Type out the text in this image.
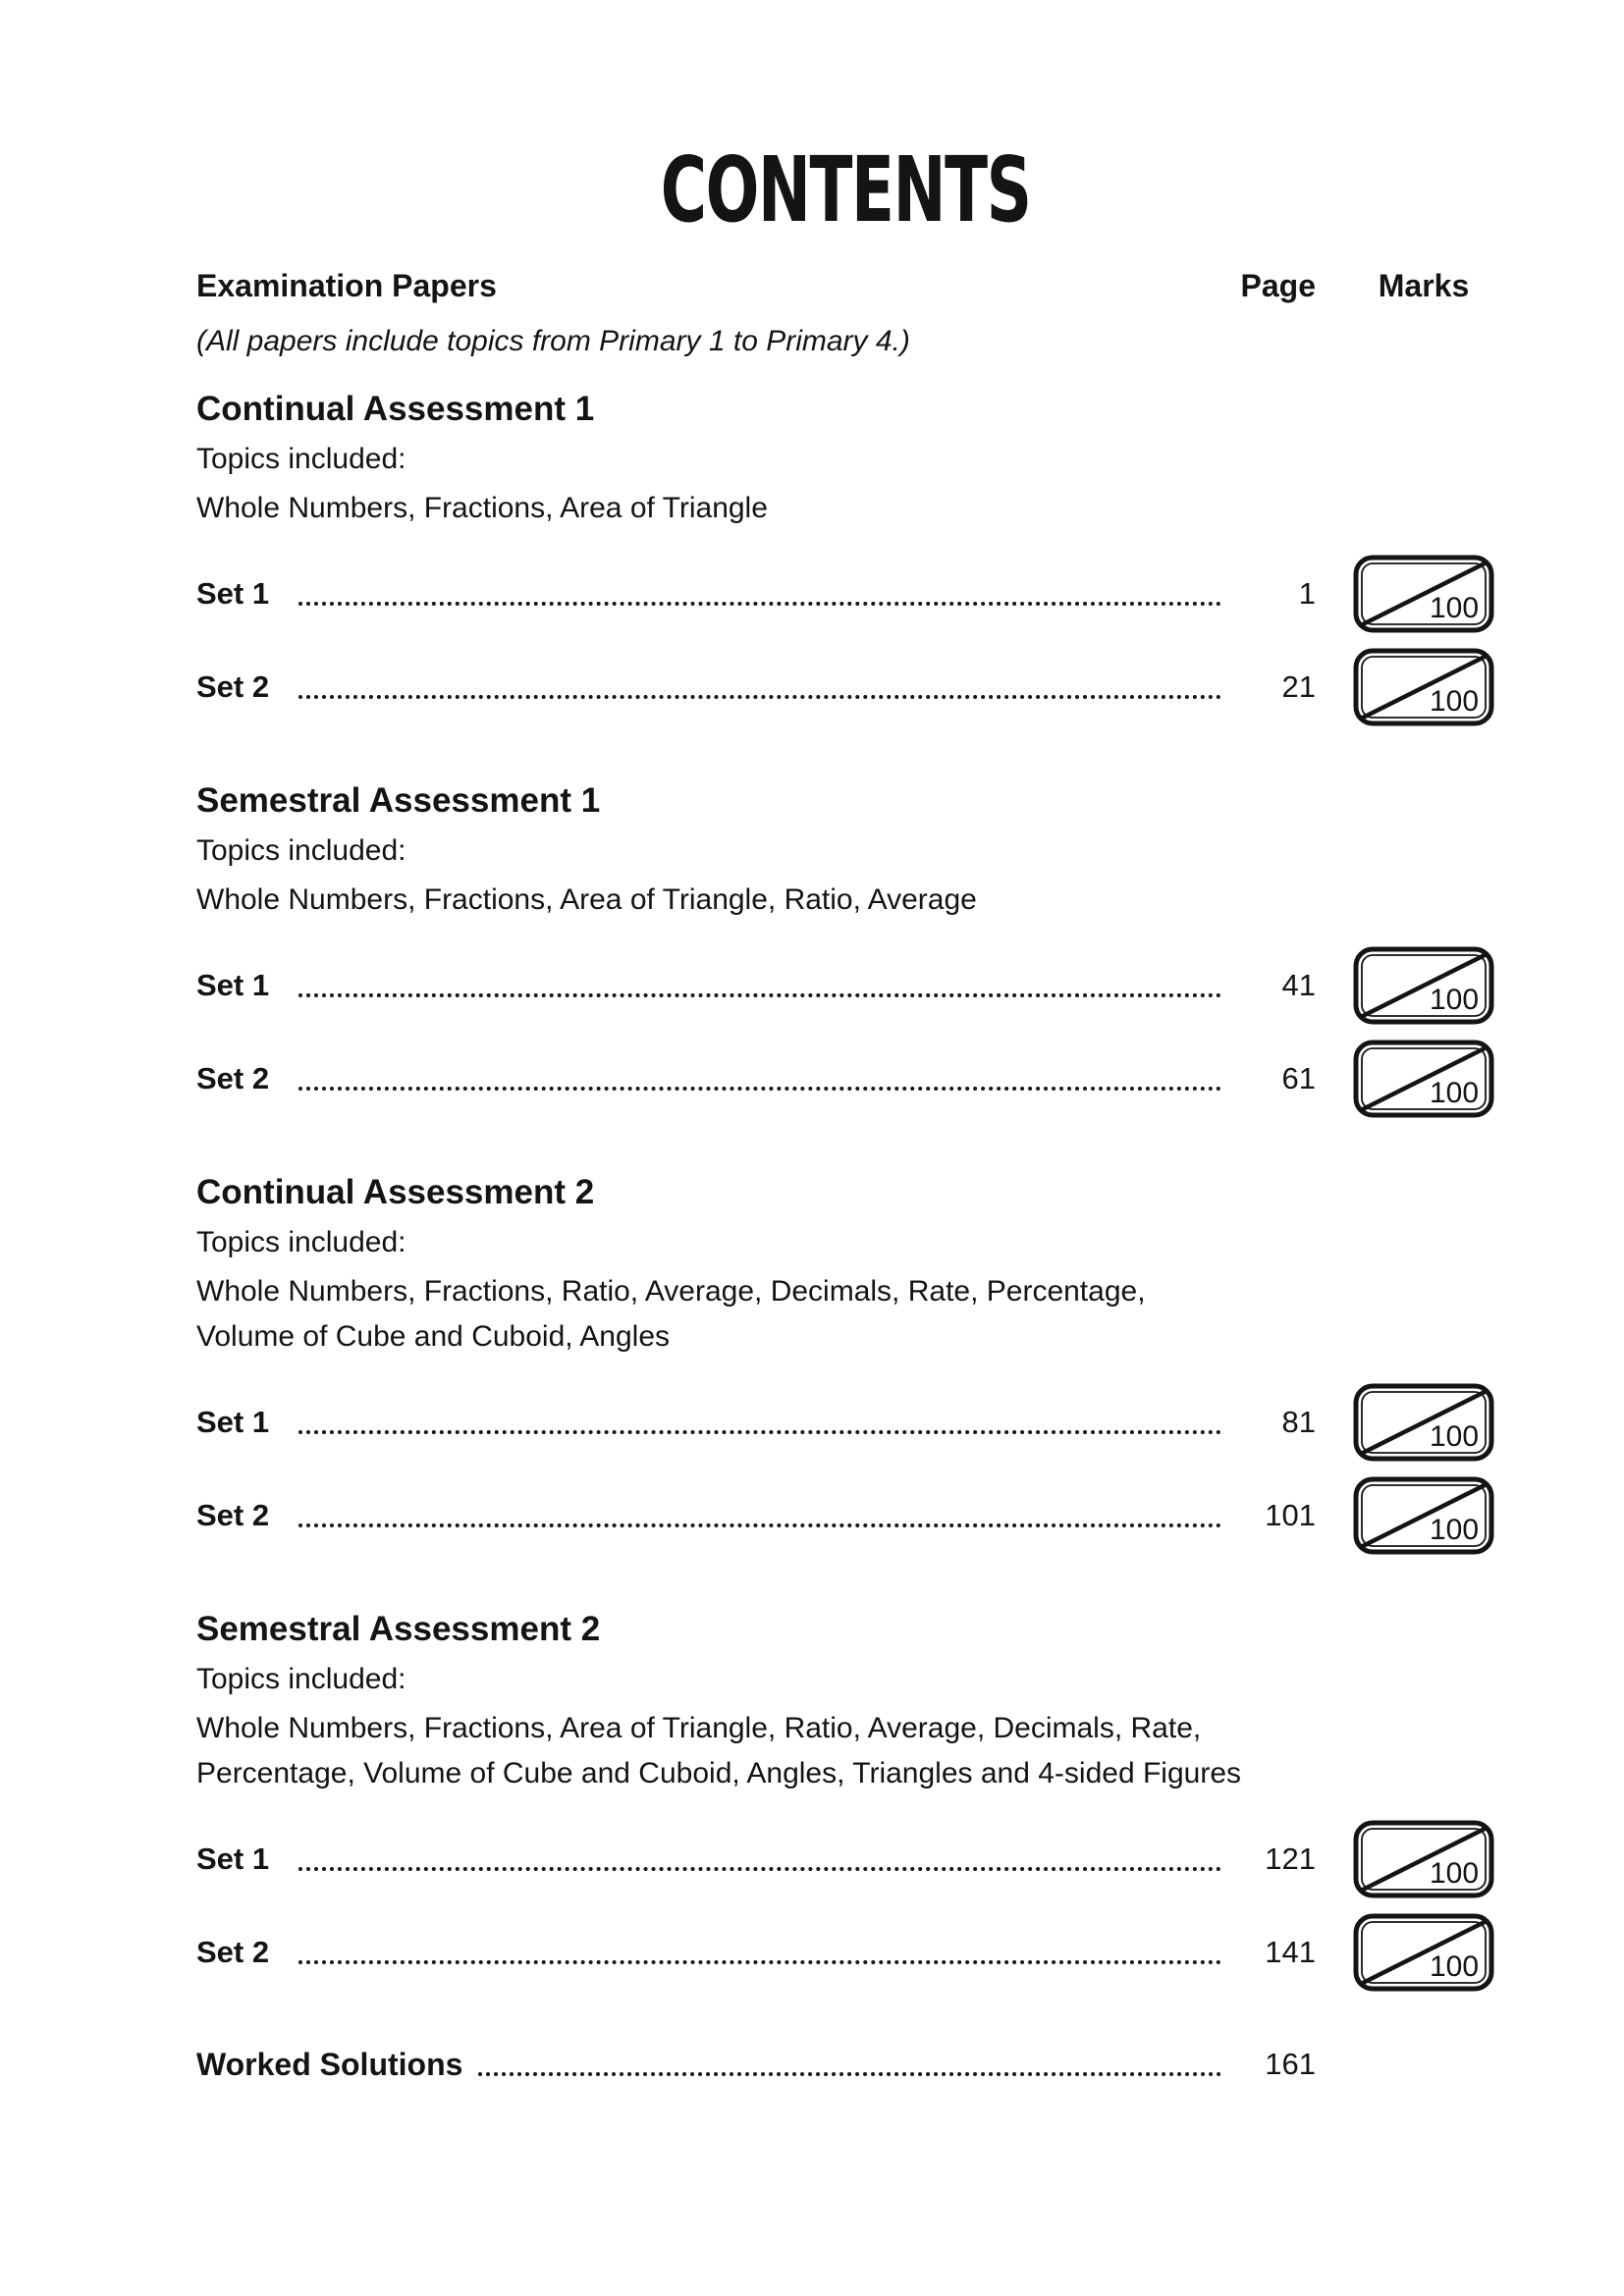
CONTENTS
Examination Papers	Page	Marks
(All papers include topics from Primary 1 to Primary 4.)
Continual Assessment 1

Topics included:

Whole Numbers, Fractions, Area of Triangle

Set 1	1	100
Set 2	21	100
Semestral Assessment 1

Topics included:

Whole Numbers, Fractions, Area of Triangle, Ratio, Average

Set 1	41	100
Set 2	61	100
Continual Assessment 2

Topics included:

Whole Numbers, Fractions, Ratio, Average, Decimals, Rate, Percentage,

Volume of Cube and Cuboid, Angles

Set 1	81	100
Set 2	101	100
Semestral Assessment 2

Topics included:

Whole Numbers, Fractions, Area of Triangle, Ratio, Average, Decimals, Rate,

Percentage, Volume of Cube and Cuboid, Angles, Triangles and 4-sided Figures

Set 1	121	100
Set 2	141	100
Worked Solutions	161
